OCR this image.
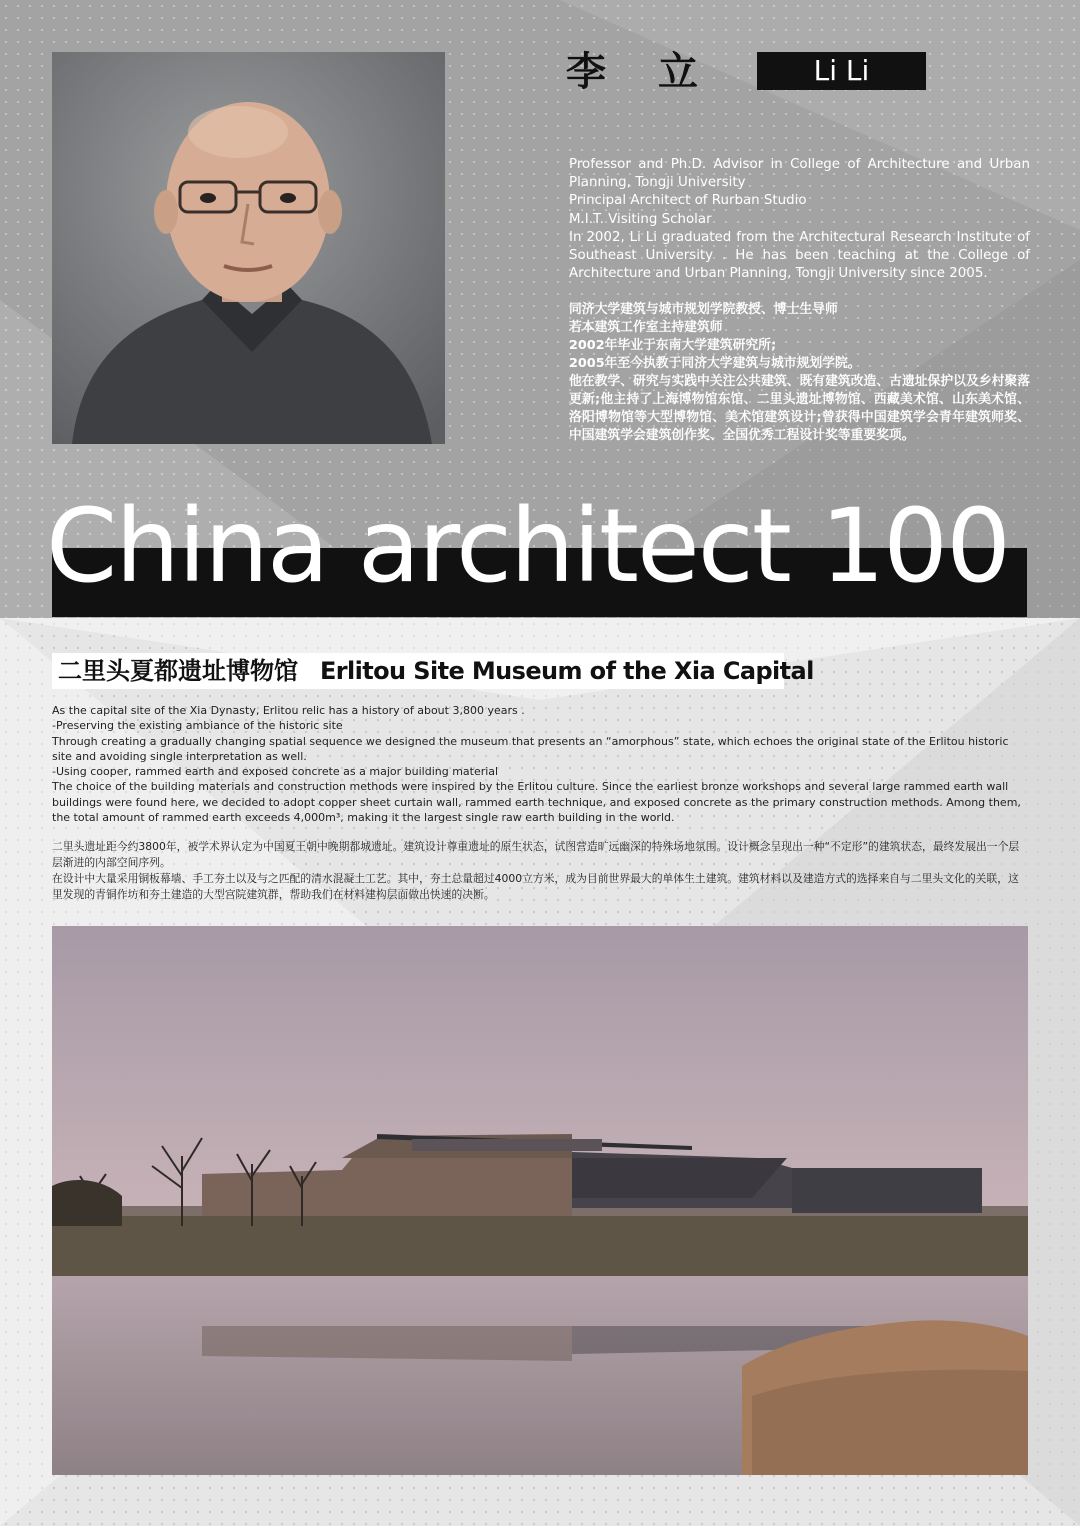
李立	Li Li

Professor and Ph.D. Advisor in College of Architecture and Urban Planning, Tongji University

Principal Architect of Rurban Studio

M.I.T. Visiting Scholar

In 2002, Li Li graduated from the Architectural Research Institute of Southeast University . He has been teaching at the College of Architecture and Urban Planning, Tongji University since 2005.

同济大学建筑与城市规划学院教授、博士生导师

若本建筑工作室主持建筑师

2002年毕业于东南大学建筑研究所;

2005年至今执教于同济大学建筑与城市规划学院。

他在教学、研究与实践中关注公共建筑、既有建筑改造、古遗址保护以及乡村聚落更新;他主持了上海博物馆东馆、二里头遗址博物馆、西藏美术馆、山东美术馆、洛阳博物馆等大型博物馆、美术馆建筑设计;曾获得中国建筑学会青年建筑师奖、中国建筑学会建筑创作奖、全国优秀工程设计奖等重要奖项。

China architect 100
二里头夏都遗址博物馆 Erlitou Site Museum of the Xia Capital

As the capital site of the Xia Dynasty, Erlitou relic has a history of about 3,800 years .

-Preserving the existing ambiance of the historic site

Through creating a gradually changing spatial sequence we designed the museum that presents an “amorphous” state, which echoes the original state of the Erlitou historic site and avoiding single interpretation as well.

-Using cooper, rammed earth and exposed concrete as a major building material

The choice of the building materials and construction methods were inspired by the Erlitou culture. Since the earliest bronze workshops and several large rammed earth wall buildings were found here, we decided to adopt copper sheet curtain wall, rammed earth technique, and exposed concrete as the primary construction methods. Among them, the total amount of rammed earth exceeds 4,000m³, making it the largest single raw earth building in the world.

二里头遗址距今约3800年，被学术界认定为中国夏王朝中晚期都城遗址。建筑设计尊重遗址的原生状态，试图营造旷远幽深的特殊场地氛围。设计概念呈现出一种“不定形”的建筑状态，最终发展出一个层层渐进的内部空间序列。

在设计中大量采用铜板幕墙、手工夯土以及与之匹配的清水混凝土工艺。其中，夯土总量超过4000立方米，成为目前世界最大的单体生土建筑。建筑材料以及建造方式的选择来自与二里头文化的关联，这里发现的青铜作坊和夯土建造的大型宫院建筑群，帮助我们在材料建构层面做出快速的决断。
